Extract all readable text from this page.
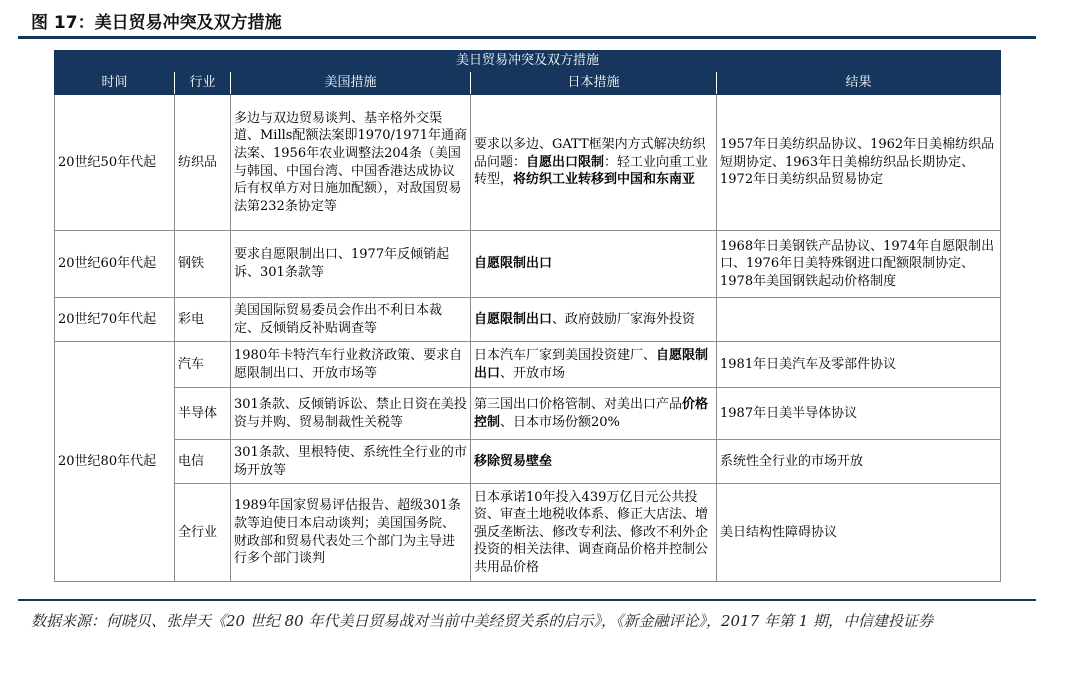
图 17：美日贸易冲突及双方措施
美日贸易冲突及双方措施				
时间	行业	美国措施	日本措施	结果
20世纪50年代起	纺织品	多边与双边贸易谈判、基辛格外交渠道、Mills配额法案即1970/1971年通商法案、1956年农业调整法204条（美国与韩国、中国台湾、中国香港达成协议后有权单方对日施加配额），对敌国贸易法第232条协定等	要求以多边、GATT框架内方式解决纺织品问题：自愿出口限制：轻工业向重工业转型，将纺织工业转移到中国和东南亚	1957年日美纺织品协议、1962年日美棉纺织品短期协定、1963年日美棉纺织品长期协定、1972年日美纺织品贸易协定
20世纪60年代起	钢铁	要求自愿限制出口、1977年反倾销起诉、301条款等	自愿限制出口	1968年日美钢铁产品协议、1974年自愿限制出口、1976年日美特殊钢进口配额限制协定、1978年美国钢铁起动价格制度
20世纪70年代起	彩电	美国国际贸易委员会作出不利日本裁定、反倾销反补贴调查等	自愿限制出口、政府鼓励厂家海外投资	
20世纪80年代起	汽车	1980年卡特汽车行业救济政策、要求自愿限制出口、开放市场等	日本汽车厂家到美国投资建厂、自愿限制出口、开放市场	1981年日美汽车及零部件协议
	半导体	301条款、反倾销诉讼、禁止日资在美投资与并购、贸易制裁性关税等	第三国出口价格管制、对美出口产品价格控制、日本市场份额20%	1987年日美半导体协议
	电信	301条款、里根特使、系统性全行业的市场开放等	移除贸易壁垒	系统性全行业的市场开放
	全行业	1989年国家贸易评估报告、超级301条款等迫使日本启动谈判；美国国务院、财政部和贸易代表处三个部门为主导进行多个部门谈判	日本承诺10年投入439万亿日元公共投资、审查土地税收体系、修正大店法、增强反垄断法、修改专利法、修改不利外企投资的相关法律、调查商品价格并控制公共用品价格	美日结构性障碍协议
数据来源：何晓贝、张岸天《20 世纪 80 年代美日贸易战对当前中美经贸关系的启示》，《新金融评论》，2017 年第 1 期，中信建投证券
